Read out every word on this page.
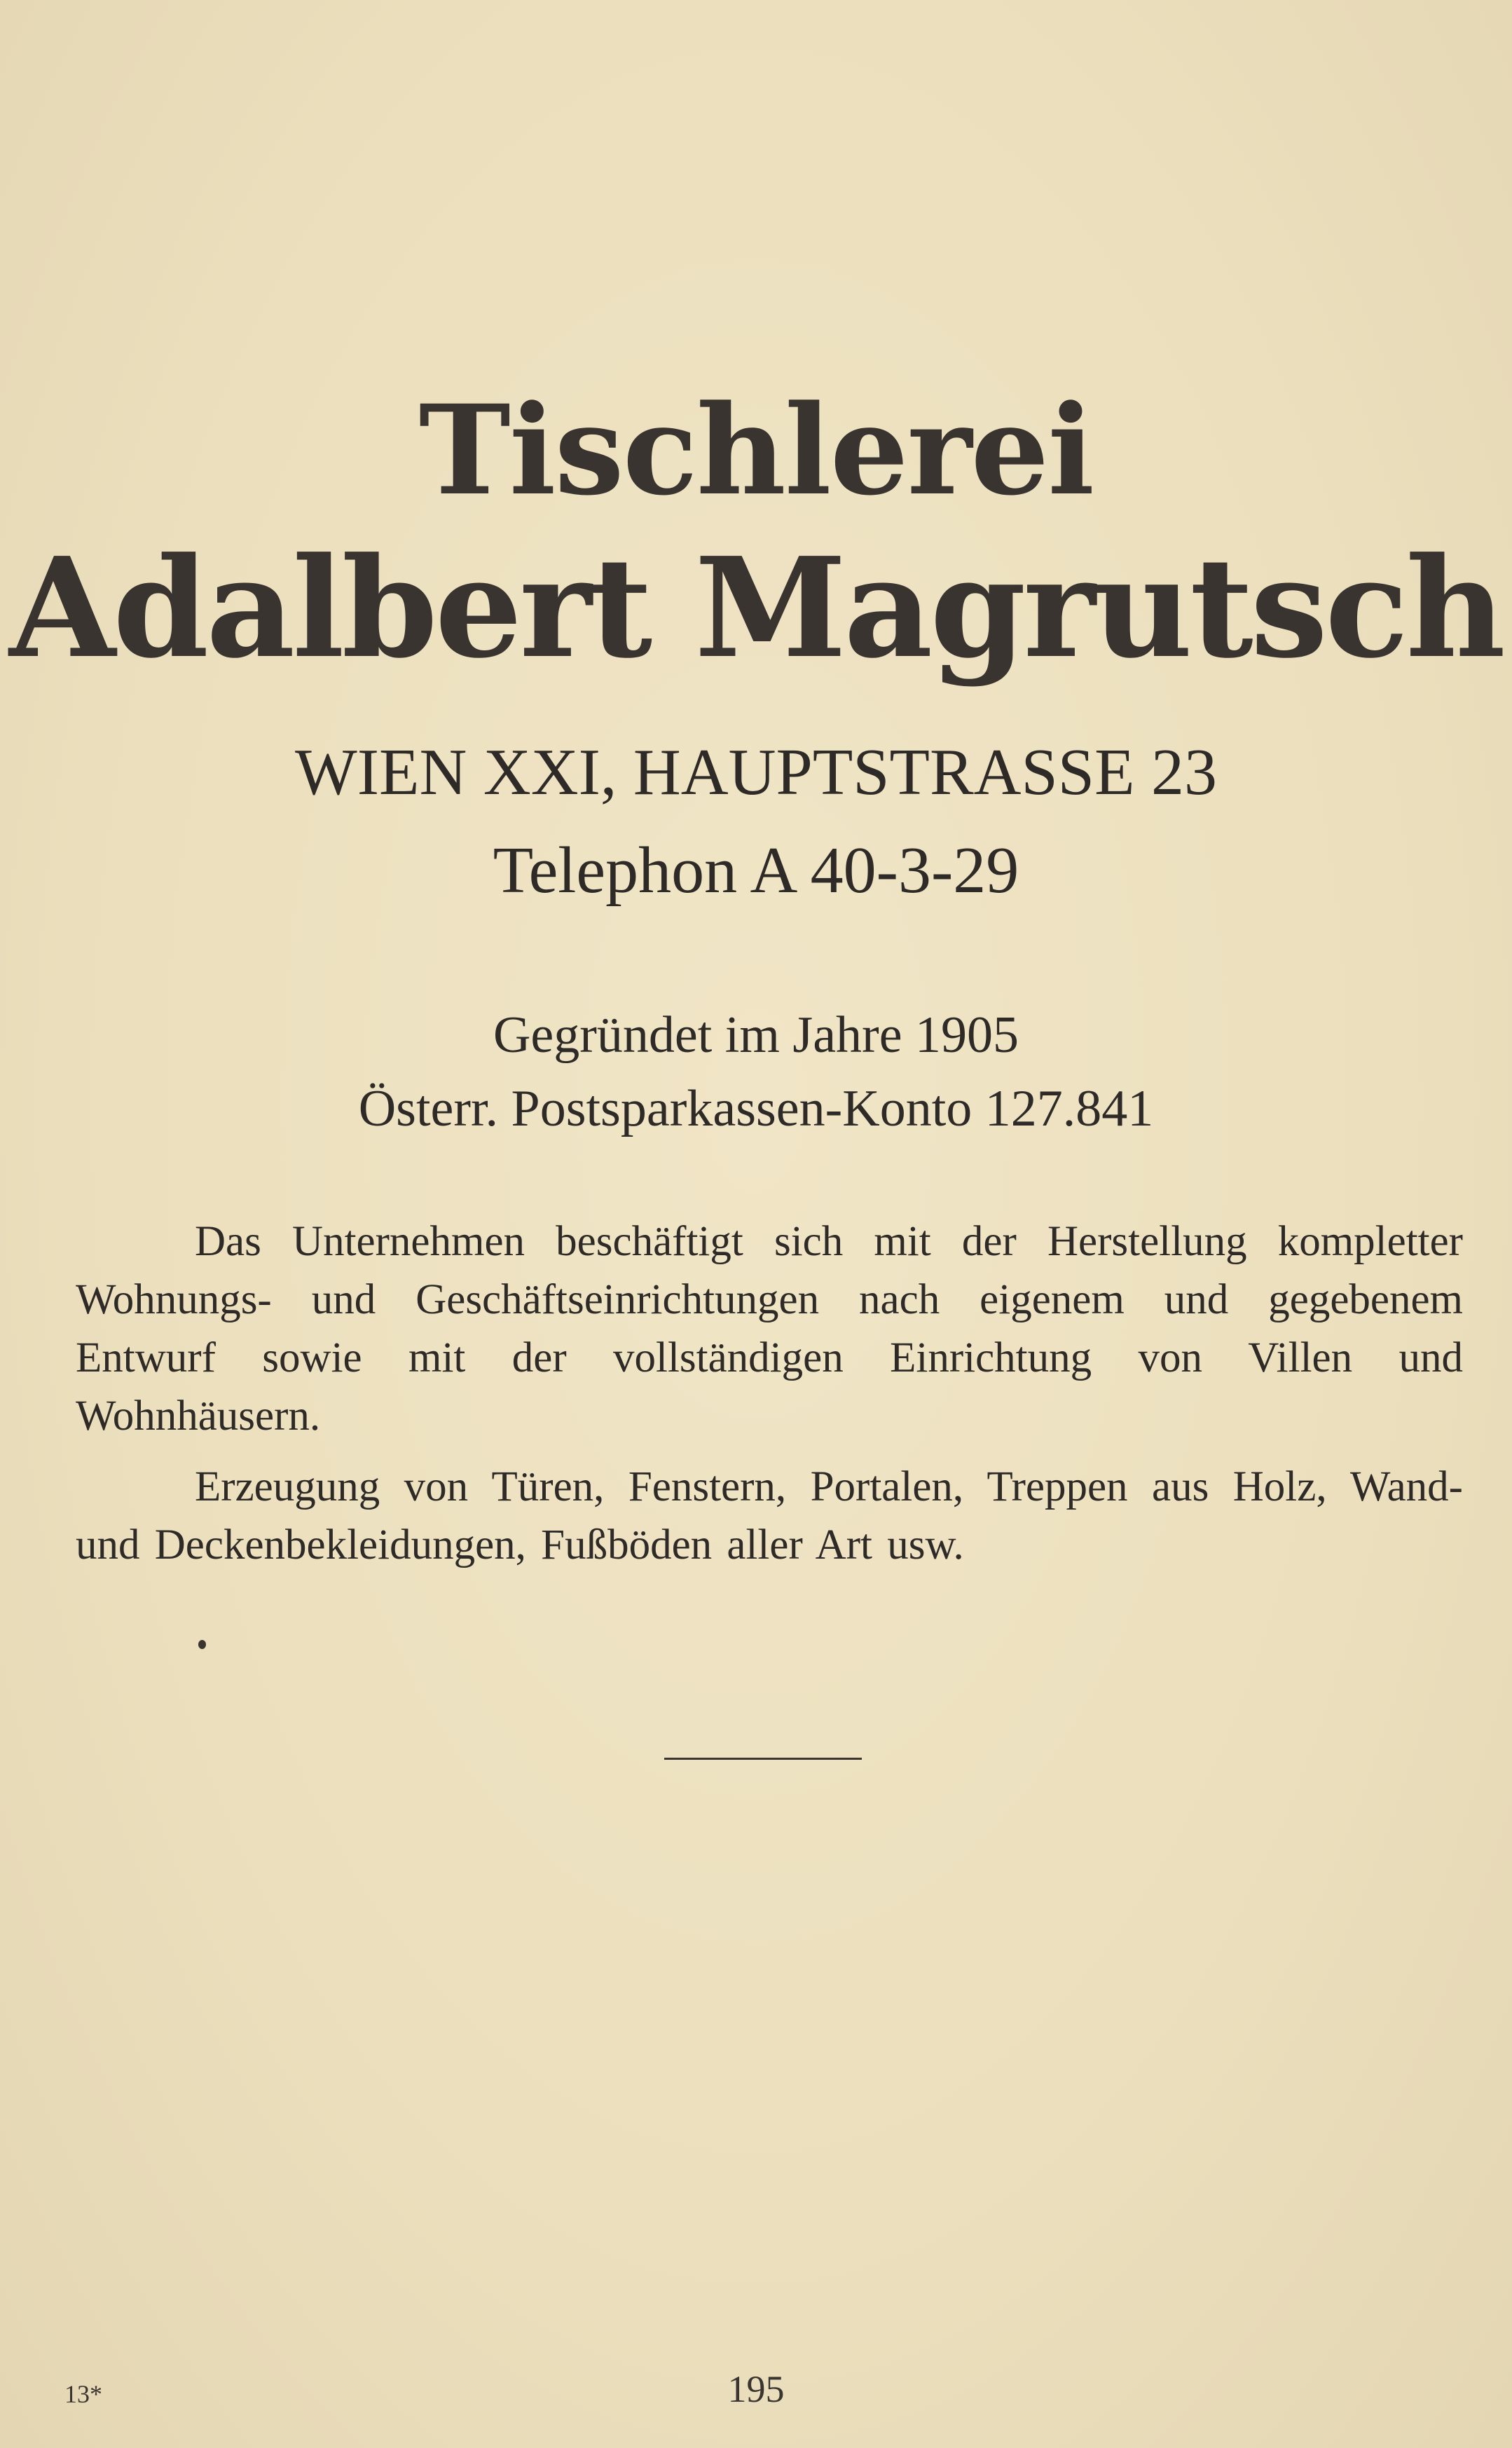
Tischlerei
Adalbert Magrutsch
WIEN XXI, HAUPTSTRASSE 23
Telephon A 40-3-29
Gegründet im Jahre 1905
Österr. Postsparkassen-Konto 127.841

Das Unternehmen beschäftigt sich mit der Herstellung kompletter Wohnungs- und Geschäftseinrichtungen nach eigenem und gegebenem Entwurf sowie mit der vollständigen Einrichtung von Villen und Wohnhäusern.

Erzeugung von Türen, Fenstern, Portalen, Treppen aus Holz, Wand- und Deckenbekleidungen, Fußböden aller Art usw.

13*	195
